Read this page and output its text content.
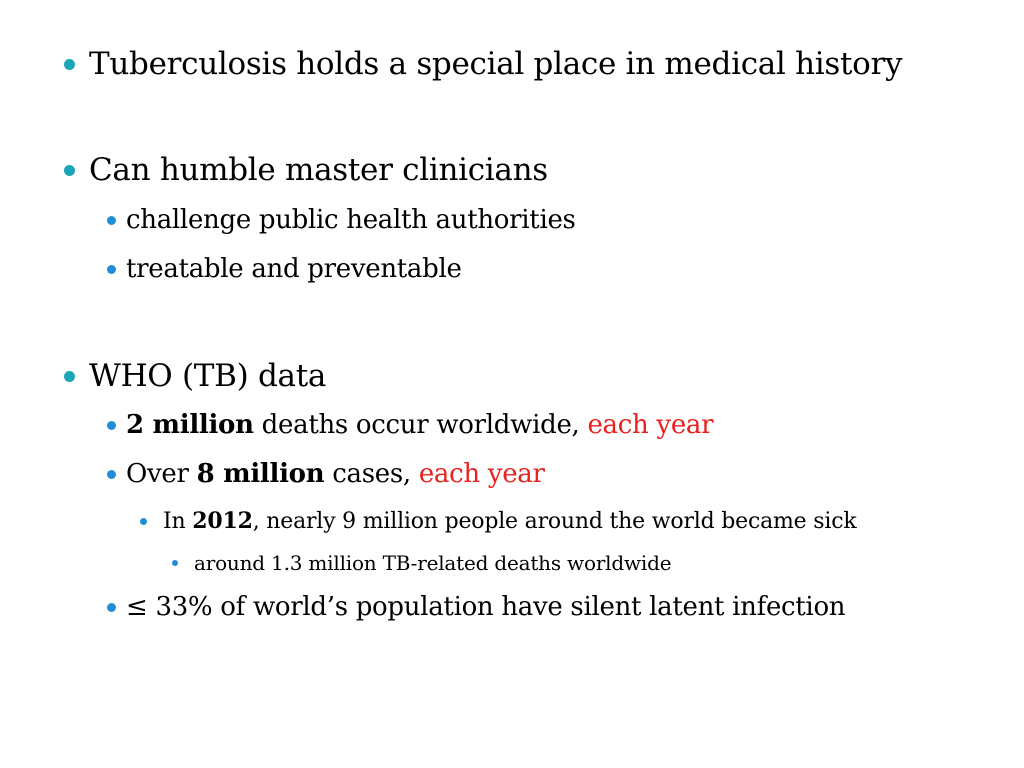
Tuberculosis holds a special place in medical history
Can humble master clinicians
challenge public health authorities
treatable and preventable
WHO (TB) data
2 million deaths occur worldwide, each year
Over 8 million cases, each year
In 2012 , nearly 9 million people around the world became sick
around 1.3 million TB-related deaths worldwide
≤ 33% of world’s population have silent latent infection
